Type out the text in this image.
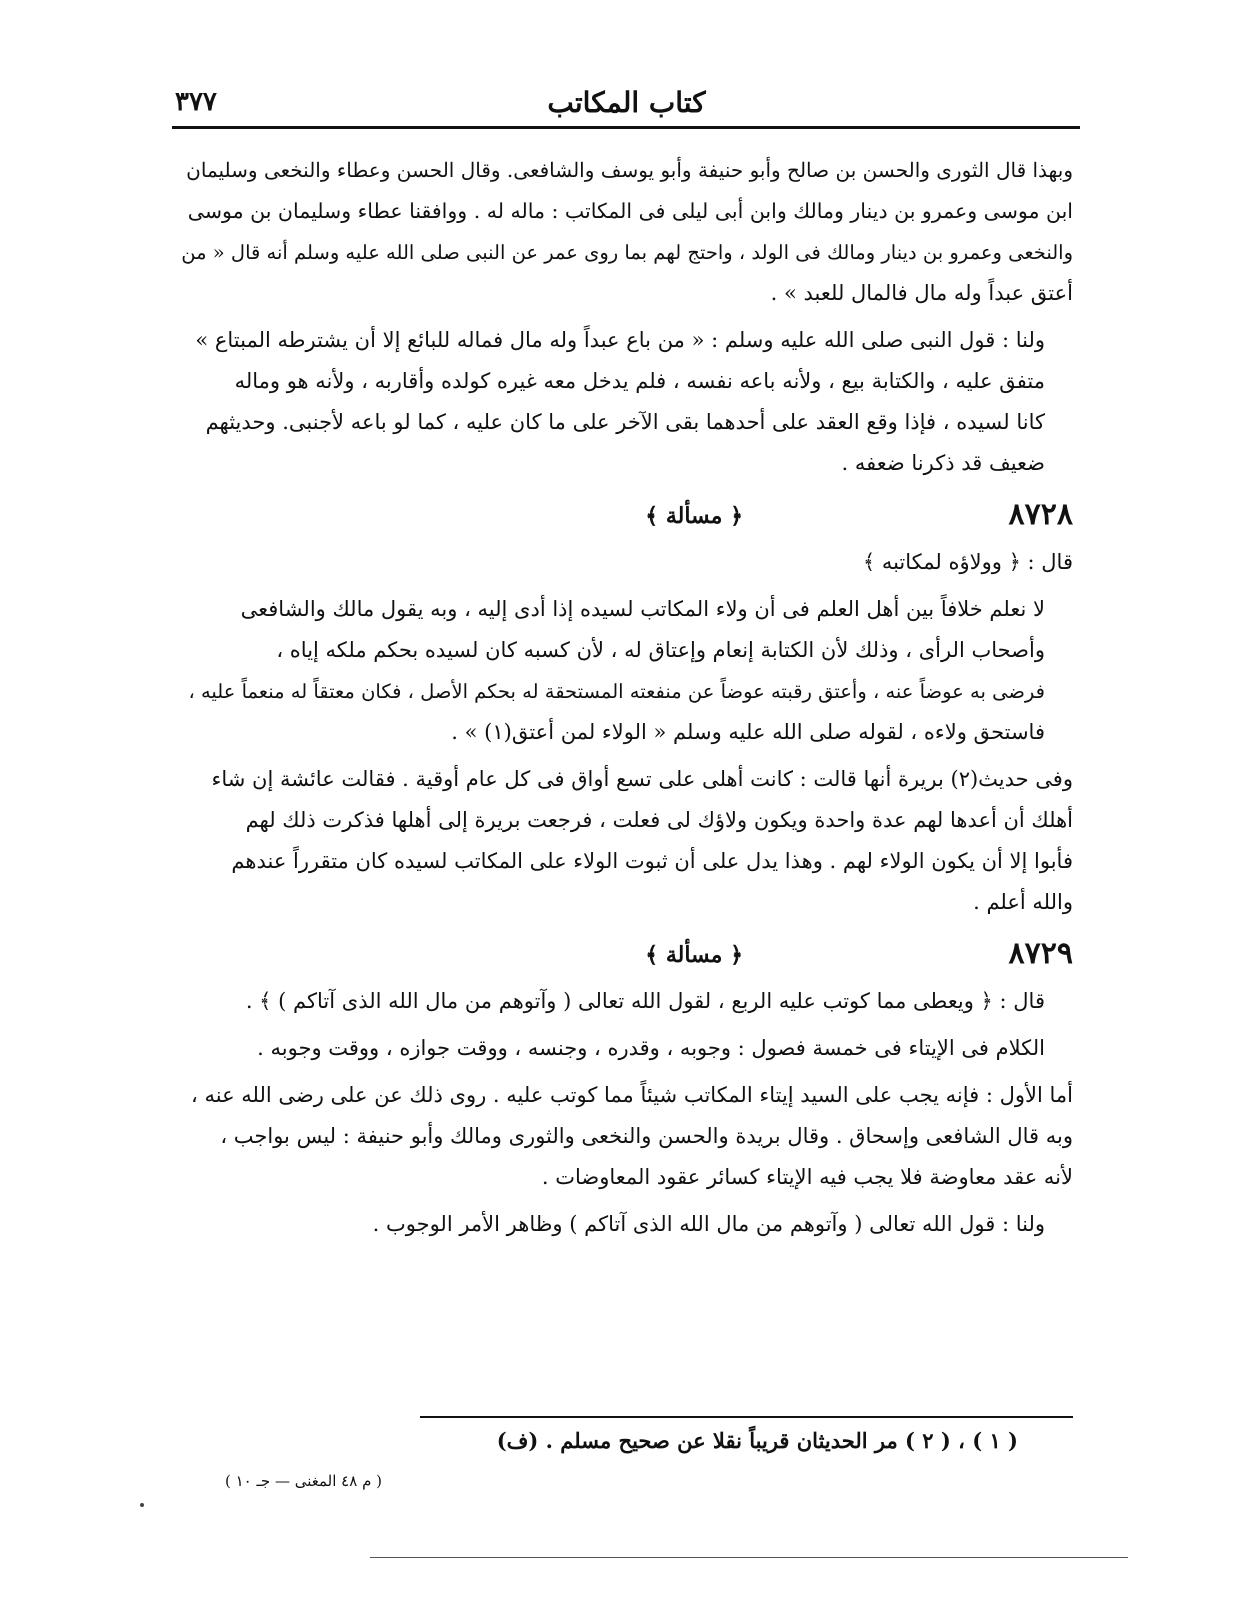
٣٧٧	كتاب المكاتب

وبهذا قال الثورى والحسن بن صالح وأبو حنيفة وأبو يوسف والشافعى. وقال الحسن وعطاء والنخعى وسليمان
ابن موسى وعمرو بن دينار ومالك وابن أبى ليلى فى المكاتب : ماله له . ووافقنا عطاء وسليمان بن موسى
والنخعى وعمرو بن دينار ومالك فى الولد ، واحتج لهم بما روى عمر عن النبى صلى الله عليه وسلم أنه قال « من
أعتق عبداً وله مال فالمال للعبد » .

ولنا : قول النبى صلى الله عليه وسلم : « من باع عبداً وله مال فماله للبائع إلا أن يشترطه المبتاع »
متفق عليه ، والكتابة بيع ، ولأنه باعه نفسه ، فلم يدخل معه غيره كولده وأقاربه ، ولأنه هو وماله
كانا لسيده ، فإذا وقع العقد على أحدهما بقى الآخر على ما كان عليه ، كما لو باعه لأجنبى. وحديثهم
ضعيف قد ذكرنا ضعفه .

٨٧٢٨
﴿ مسألة ﴾

قال : ﴿ وولاؤه لمكاتبه ﴾

لا نعلم خلافاً بين أهل العلم فى أن ولاء المكاتب لسيده إذا أدى إليه ، وبه يقول مالك والشافعى
وأصحاب الرأى ، وذلك لأن الكتابة إنعام وإعتاق له ، لأن كسبه كان لسيده بحكم ملكه إياه ،
فرضى به عوضاً عنه ، وأعتق رقبته عوضاً عن منفعته المستحقة له بحكم الأصل ، فكان معتقاً له منعماً عليه ،
فاستحق ولاءه ، لقوله صلى الله عليه وسلم « الولاء لمن أعتق(١) » .

وفى حديث(٢) بريرة أنها قالت : كانت أهلى على تسع أواق فى كل عام أوقية . فقالت عائشة إن شاء
أهلك أن أعدها لهم عدة واحدة ويكون ولاؤك لى فعلت ، فرجعت بريرة إلى أهلها فذكرت ذلك لهم
فأبوا إلا أن يكون الولاء لهم . وهذا يدل على أن ثبوت الولاء على المكاتب لسيده كان متقرراً عندهم
والله أعلم .

٨٧٢٩
﴿ مسألة ﴾

قال : ﴿ ويعطى مما كوتب عليه الربع ، لقول الله تعالى ( وآتوهم من مال الله الذى آتاكم ) ﴾ .

الكلام فى الإيتاء فى خمسة فصول : وجوبه ، وقدره ، وجنسه ، ووقت جوازه ، ووقت وجوبه .

أما الأول : فإنه يجب على السيد إيتاء المكاتب شيئاً مما كوتب عليه . روى ذلك عن على رضى الله عنه ،
وبه قال الشافعى وإسحاق . وقال بريدة والحسن والنخعى والثورى ومالك وأبو حنيفة : ليس بواجب ،
لأنه عقد معاوضة فلا يجب فيه الإيتاء كسائر عقود المعاوضات .

ولنا : قول الله تعالى ( وآتوهم من مال الله الذى آتاكم ) وظاهر الأمر الوجوب .

( ١ ) ، ( ٢ ) مر الحديثان قريباً نقلا عن صحيح مسلم . (ف)
( م ٤٨ المغنى — جـ ١٠ )
